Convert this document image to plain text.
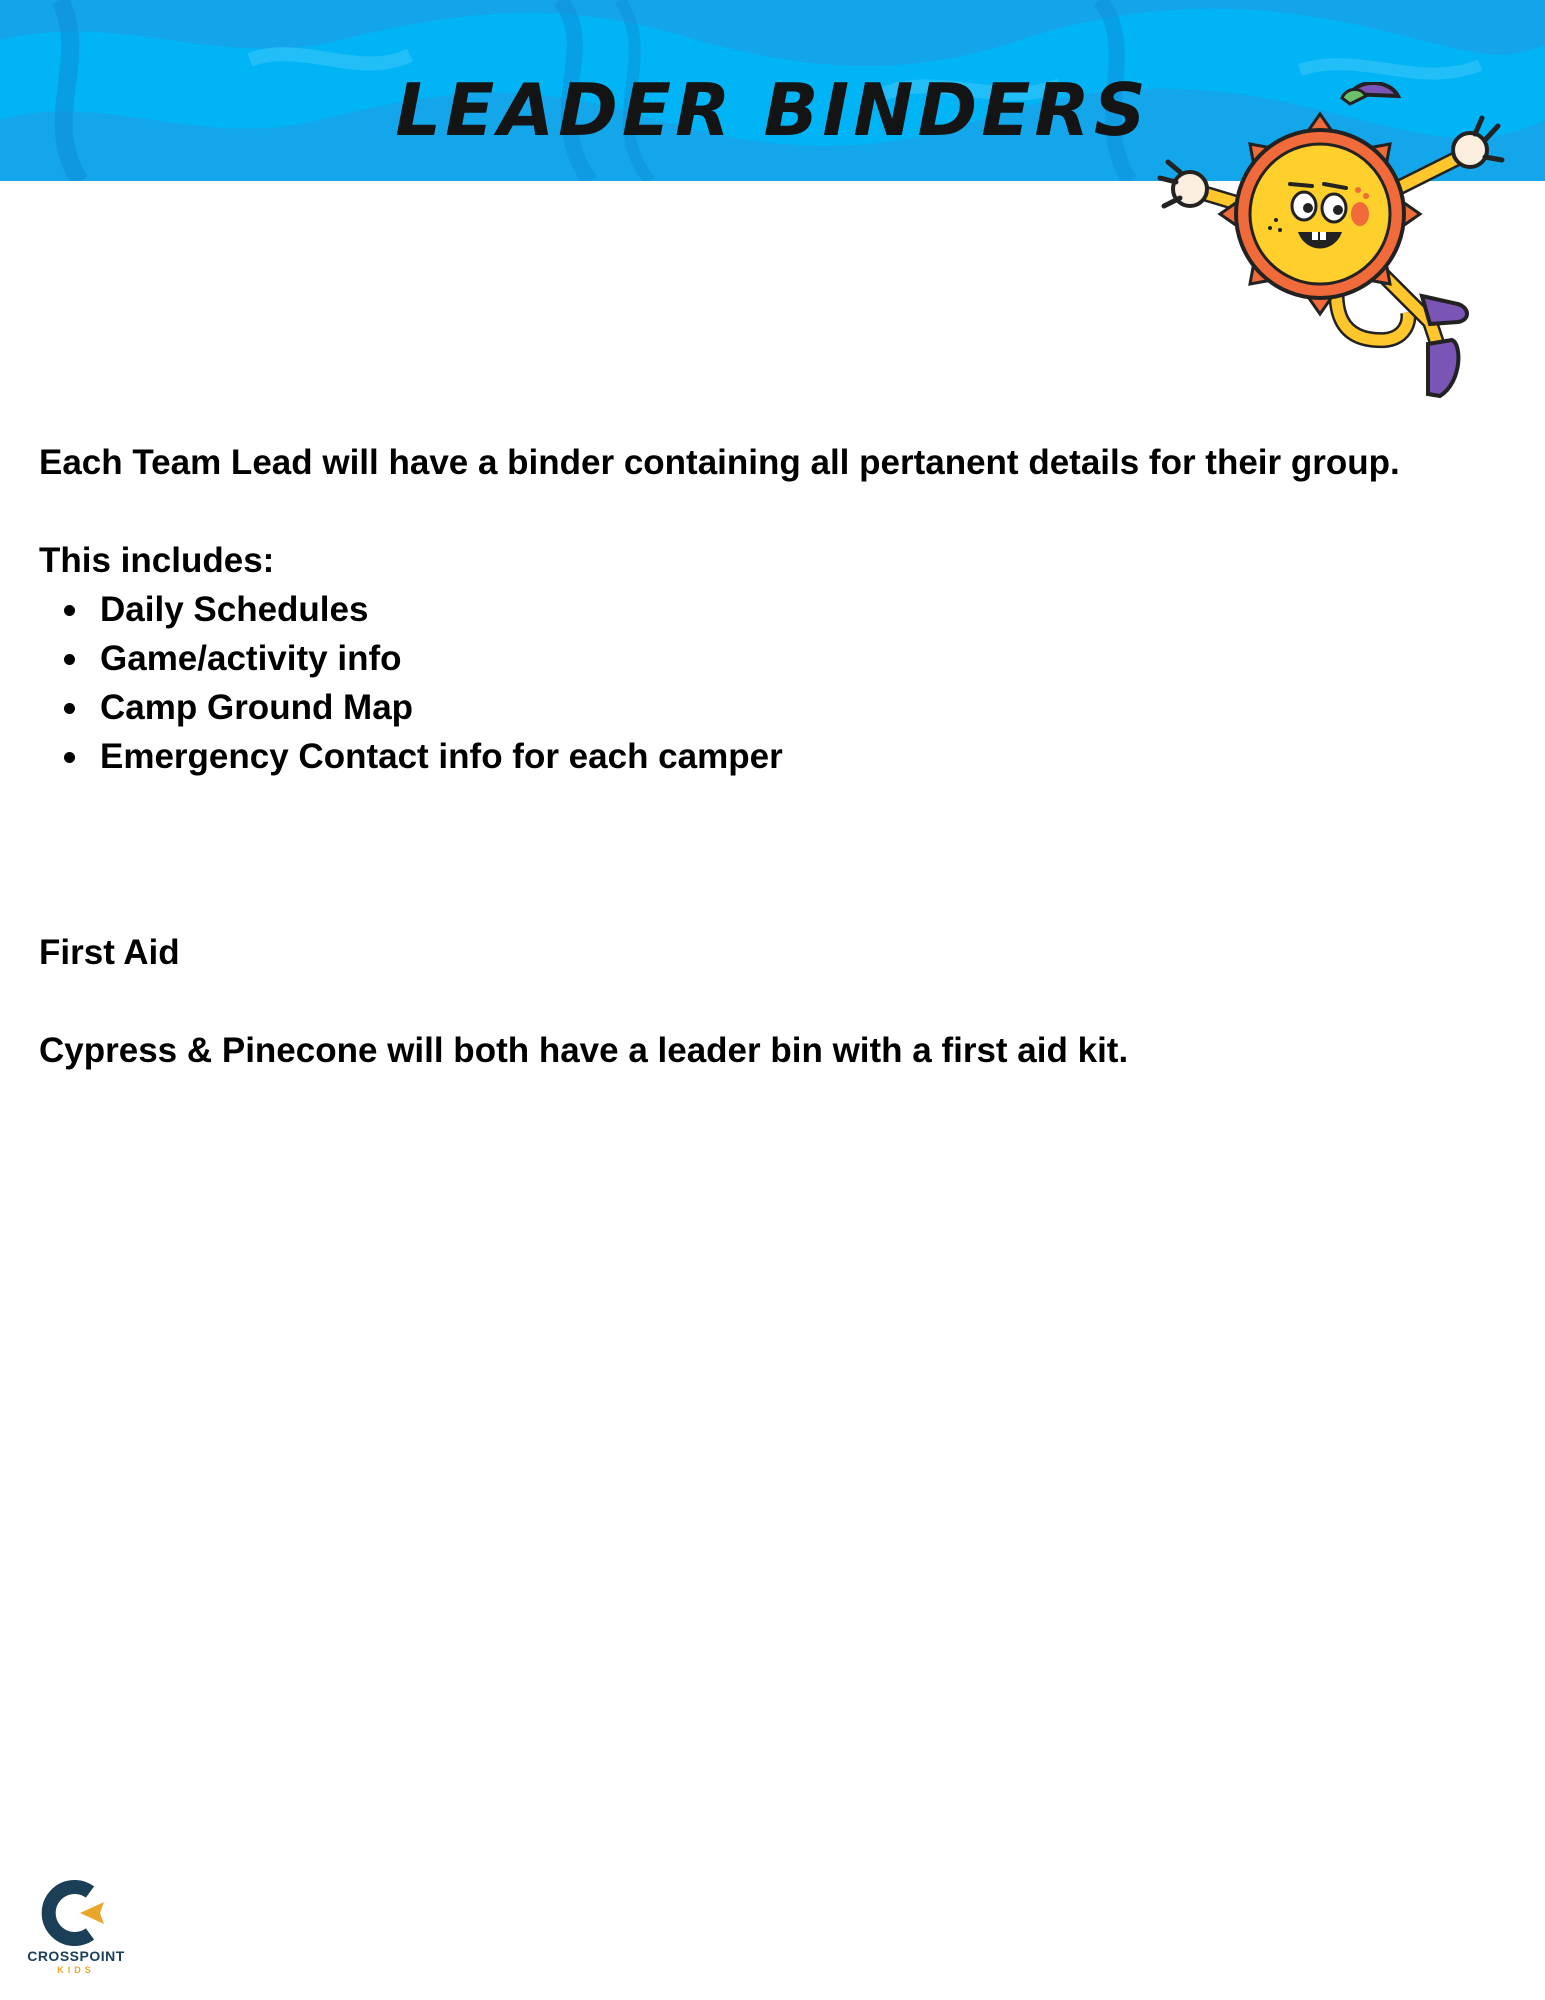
LEADER BINDERS

Each Team Lead will have a binder containing all pertanent details for their group.

This includes:

Daily Schedules
Game/activity info
Camp Ground Map
Emergency Contact info for each camper

First Aid

Cypress & Pinecone will both have a leader bin with a first aid kit.

CROSSPOINT
KIDS
